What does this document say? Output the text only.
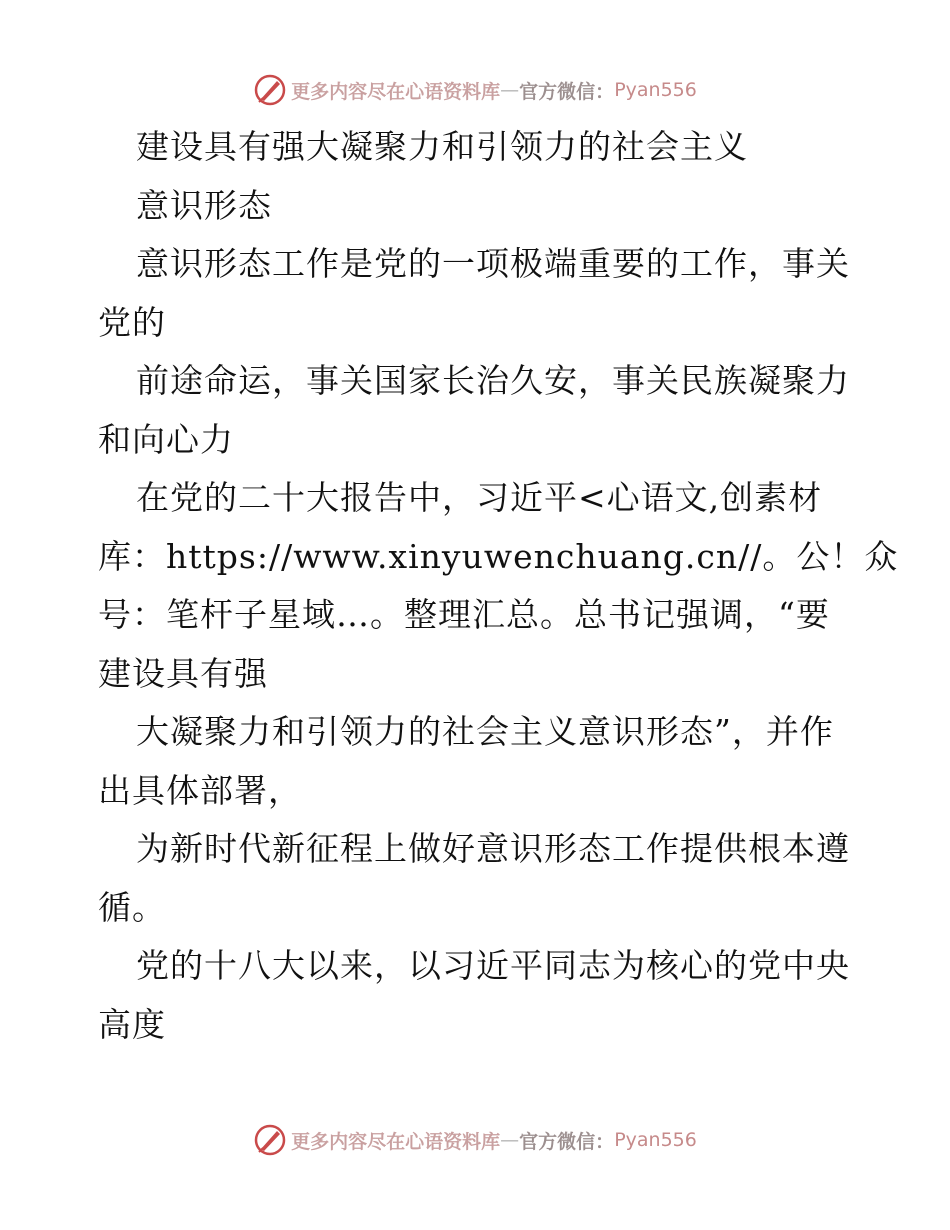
更多内容尽在心语资料库 — 官方微信： Pyan556
建设具有强大凝聚力和引领力的社会主义
意识形态
意识形态工作是党的一项极端重要的工作，事关
党的
前途命运，事关国家长治久安，事关民族凝聚力
和向心力
在党的二十大报告中，习近平<心语文,创素材
库：https://www.xinyuwenchuang.cn//。公！众
号：笔杆子星域…。整理汇总。总书记强调，“要
建设具有强
大凝聚力和引领力的社会主义意识形态”，并作
出具体部署，
为新时代新征程上做好意识形态工作提供根本遵
循。
党的十八大以来，以习近平同志为核心的党中央
高度
更多内容尽在心语资料库 — 官方微信： Pyan556
